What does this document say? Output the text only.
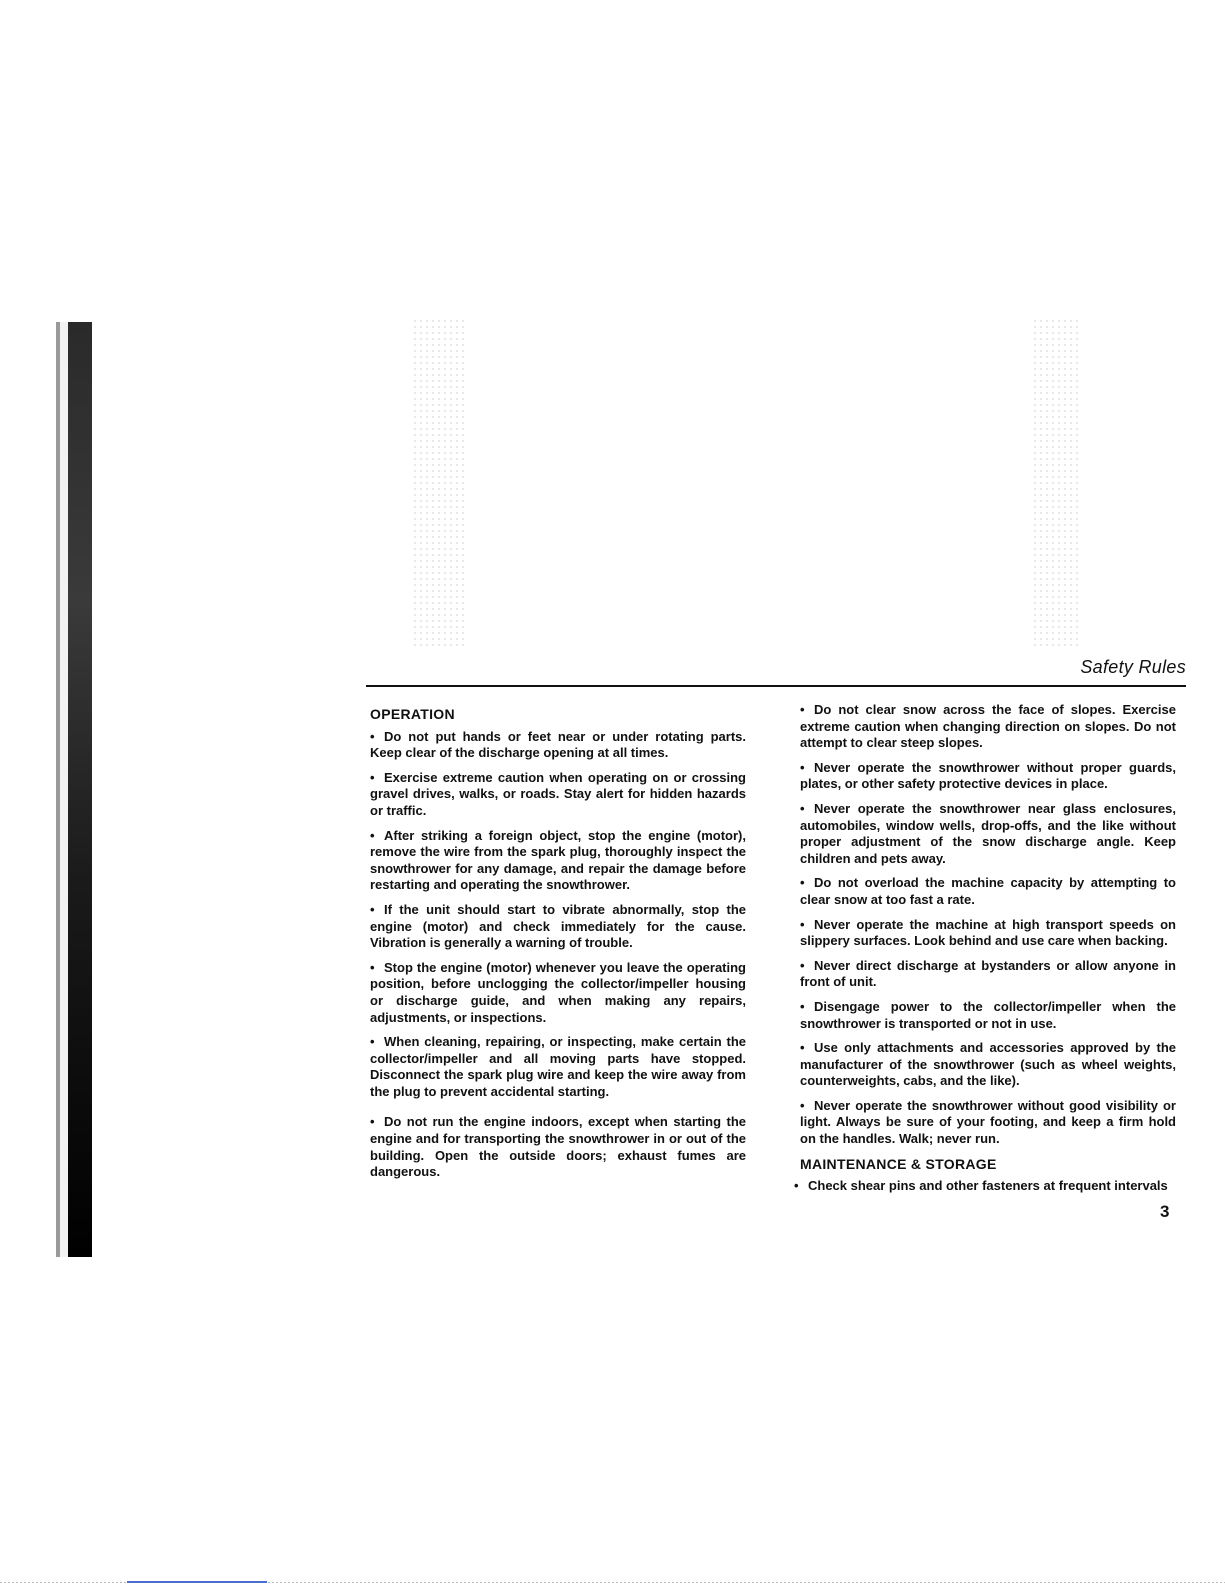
Safety Rules
OPERATION
• Do not put hands or feet near or under rotating parts. Keep clear of the discharge opening at all times.
• Exercise extreme caution when operating on or crossing gravel drives, walks, or roads. Stay alert for hidden hazards or traffic.
• After striking a foreign object, stop the engine (motor), remove the wire from the spark plug, thoroughly inspect the snowthrower for any damage, and repair the damage before restarting and operating the snowthrower.
• If the unit should start to vibrate abnormally, stop the engine (motor) and check immediately for the cause. Vibration is generally a warning of trouble.
• Stop the engine (motor) whenever you leave the operating position, before unclogging the collector/impeller housing or discharge guide, and when making any repairs, adjustments, or inspections.
• When cleaning, repairing, or inspecting, make certain the collector/impeller and all moving parts have stopped. Disconnect the spark plug wire and keep the wire away from the plug to prevent accidental starting.
• Do not run the engine indoors, except when starting the engine and for transporting the snowthrower in or out of the building. Open the outside doors; exhaust fumes are dangerous.
• Do not clear snow across the face of slopes. Exercise extreme caution when changing direction on slopes. Do not attempt to clear steep slopes.
• Never operate the snowthrower without proper guards, plates, or other safety protective devices in place.
• Never operate the snowthrower near glass enclosures, automobiles, window wells, drop-offs, and the like without proper adjustment of the snow discharge angle. Keep children and pets away.
• Do not overload the machine capacity by attempting to clear snow at too fast a rate.
• Never operate the machine at high transport speeds on slippery surfaces. Look behind and use care when backing.
• Never direct discharge at bystanders or allow anyone in front of unit.
• Disengage power to the collector/impeller when the snowthrower is transported or not in use.
• Use only attachments and accessories approved by the manufacturer of the snowthrower (such as wheel weights, counterweights, cabs, and the like).
• Never operate the snowthrower without good visibility or light. Always be sure of your footing, and keep a firm hold on the handles. Walk; never run.
MAINTENANCE & STORAGE
• Check shear pins and other fasteners at frequent intervals
3
